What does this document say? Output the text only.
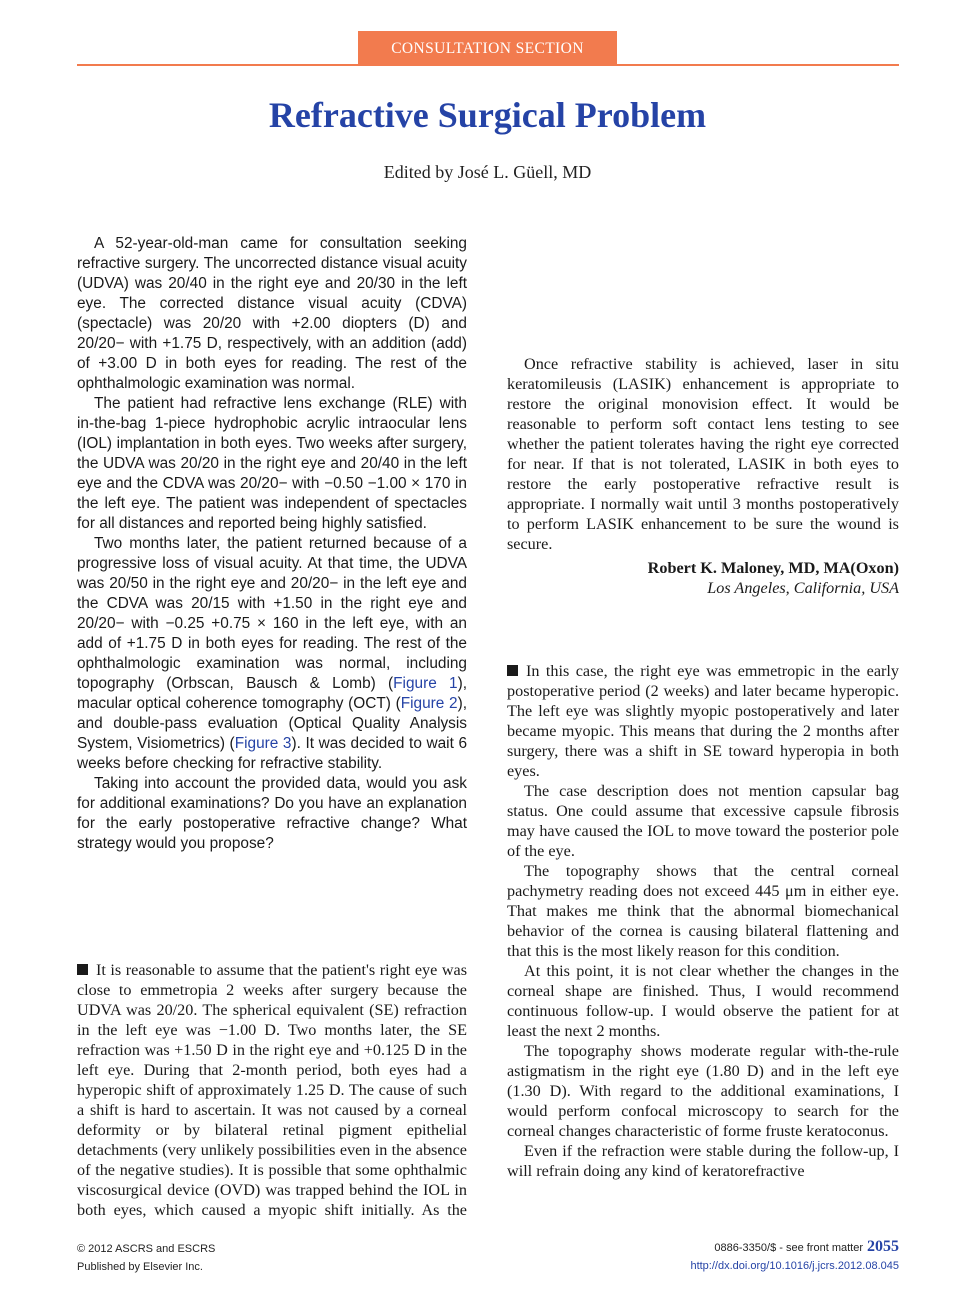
CONSULTATION SECTION
Refractive Surgical Problem
Edited by José L. Güell, MD

A 52-year-old-man came for consultation seeking refractive surgery. The uncorrected distance visual acuity (UDVA) was 20/40 in the right eye and 20/30 in the left eye. The corrected distance visual acuity (CDVA) (spectacle) was 20/20 with +2.00 diopters (D) and 20/20− with +1.75 D, respectively, with an addition (add) of +3.00 D in both eyes for reading. The rest of the ophthalmologic examination was normal.

The patient had refractive lens exchange (RLE) with in-the-bag 1-piece hydrophobic acrylic intraocular lens (IOL) implantation in both eyes. Two weeks after surgery, the UDVA was 20/20 in the right eye and 20/40 in the left eye and the CDVA was 20/20− with −0.50 −1.00 × 170 in the left eye. The patient was independent of spectacles for all distances and reported being highly satisfied.

Two months later, the patient returned because of a progressive loss of visual acuity. At that time, the UDVA was 20/50 in the right eye and 20/20− in the left eye and the CDVA was 20/15 with +1.50 in the right eye and 20/20− with −0.25 +0.75 × 160 in the left eye, with an add of +1.75 D in both eyes for reading. The rest of the ophthalmologic examination was normal, including topography (Orbscan, Bausch & Lomb) (Figure 1), macular optical coherence tomography (OCT) (Figure 2), and double-pass evaluation (Optical Quality Analysis System, Visiometrics) (Figure 3). It was decided to wait 6 weeks before checking for refractive stability.

Taking into account the provided data, would you ask for additional examinations? Do you have an explanation for the early postoperative refractive change? What strategy would you propose?

It is reasonable to assume that the patient's right eye was close to emmetropia 2 weeks after surgery because the UDVA was 20/20. The spherical equivalent (SE) refraction in the left eye was −1.00 D. Two months later, the SE refraction was +1.50 D in the right eye and +0.125 D in the left eye. During that 2-month period, both eyes had a hyperopic shift of approximately 1.25 D. The cause of such a shift is hard to ascertain. It was not caused by a corneal deformity or by bilateral retinal pigment epithelial detachments (very unlikely possibilities even in the absence of the negative studies). It is possible that some ophthalmic viscosurgical device (OVD) was trapped behind the IOL in both eyes, which caused a myopic shift initially. As the

Once refractive stability is achieved, laser in situ keratomileusis (LASIK) enhancement is appropriate to restore the original monovision effect. It would be reasonable to perform soft contact lens testing to see whether the patient tolerates having the right eye corrected for near. If that is not tolerated, LASIK in both eyes to restore the early postoperative refractive result is appropriate. I normally wait until 3 months postoperatively to perform LASIK enhancement to be sure the wound is secure.

Robert K. Maloney, MD, MA(Oxon)
Los Angeles, California, USA

In this case, the right eye was emmetropic in the early postoperative period (2 weeks) and later became hyperopic. The left eye was slightly myopic postoperatively and later became myopic. This means that during the 2 months after surgery, there was a shift in SE toward hyperopia in both eyes.

The case description does not mention capsular bag status. One could assume that excessive capsule fibrosis may have caused the IOL to move toward the posterior pole of the eye.

The topography shows that the central corneal pachymetry reading does not exceed 445 μm in either eye. That makes me think that the abnormal biomechanical behavior of the cornea is causing bilateral flattening and that this is the most likely reason for this condition.

At this point, it is not clear whether the changes in the corneal shape are finished. Thus, I would recommend continuous follow-up. I would observe the patient for at least the next 2 months.

The topography shows moderate regular with-the-rule astigmatism in the right eye (1.80 D) and in the left eye (1.30 D). With regard to the additional examinations, I would perform confocal microscopy to search for the corneal changes characteristic of forme fruste keratoconus.

Even if the refraction were stable during the follow-up, I will refrain doing any kind of keratorefractive

© 2012 ASCRS and ESCRS
Published by Elsevier Inc.
0886-3350/$ - see front matter 2055
http://dx.doi.org/10.1016/j.jcrs.2012.08.045
